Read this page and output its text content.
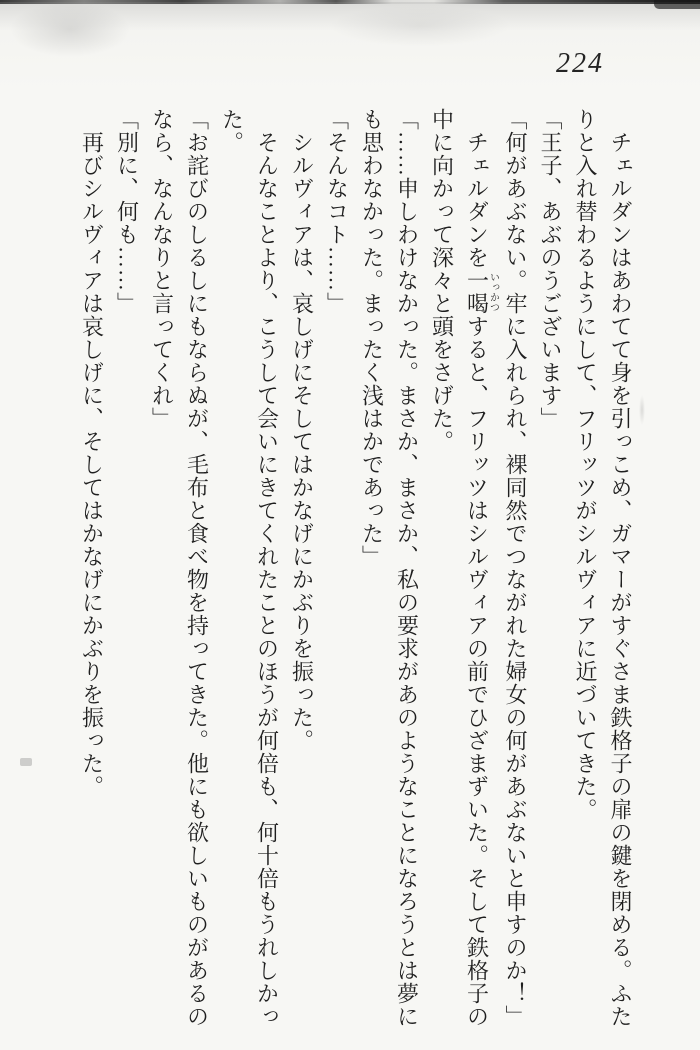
224

チェルダンはあわてて身を引っこめ、ガマーがすぐさま鉄格子の扉の鍵を閉める。ふた

りと入れ替わるようにして、フリッツがシルヴィアに近づいてきた。

「王子、あぶのうございます」

「何があぶない。牢に入れられ、裸同然でつながれた婦女の何があぶないと申すのか！」

チェルダンを一喝いっかつすると、フリッツはシルヴィアの前でひざまずいた。そして鉄格子の

中に向かって深々と頭をさげた。

「……申しわけなかった。まさか、まさか、私の要求があのようなことになろうとは夢に

も思わなかった。まったく浅はかであった」

「そんなコト……」

シルヴィアは、哀しげにそしてはかなげにかぶりを振った。

そんなことより、こうして会いにきてくれたことのほうが何倍も、何十倍もうれしかっ

た。

「お詫びのしるしにもならぬが、毛布と食べ物を持ってきた。他にも欲しいものがあるの

なら、なんなりと言ってくれ」

「別に、何も……」

再びシルヴィアは哀しげに、そしてはかなげにかぶりを振った。
